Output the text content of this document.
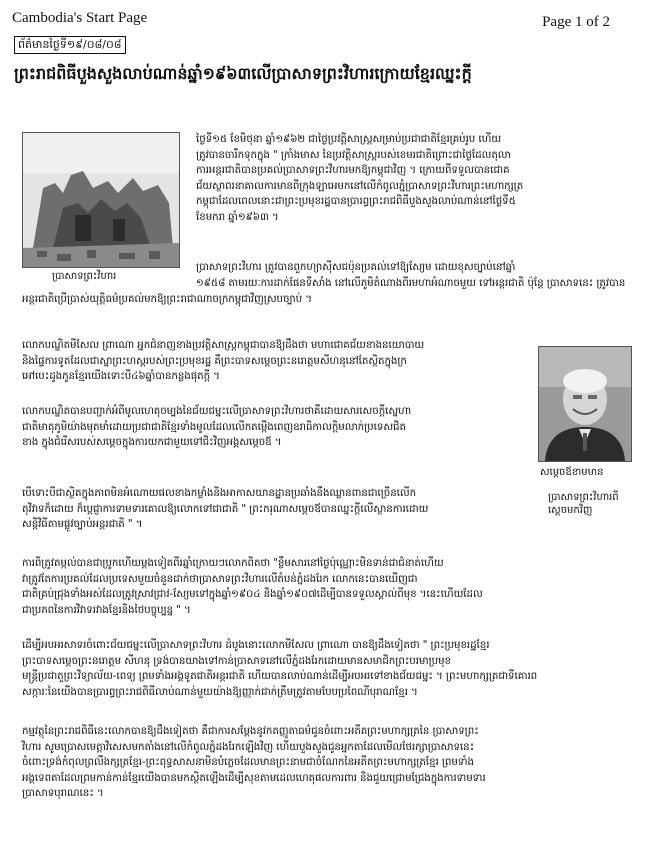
Cambodia's Start Page	Page 1 of 2
ព័ត៌មានថ្ងៃទី១៩/០៨/០៨
ព្រះរាជពិធីបួងសួងលាប់ណាន់ឆ្នាំ១៩៦៣លើប្រាសាទព្រះវិហារក្រោយខ្មែរឈ្នះក្ដី
ប្រាសាទព្រះវិហារ
សម្ដេចឪខាមមាន
ប្រាសាទព្រះវិហារពី
ស្ដេចមកវិញ
ថ្ងៃទី១៥ ខែមិថុនា ឆ្នាំ១៩៦២ ជាថ្ងៃប្រវត្តិសាស្ត្រសម្រាប់ប្រជាជាតិខ្មែរគ្រប់រូប ហើយ
ត្រូវបានចារឹកទុកក្នុង " ក្រាំងមាស នៃប្រវត្តិសាស្ត្ររបស់ខេមរជាតិព្រោះជាថ្ងៃដែលតុលា
ការអន្តរជាតិបានប្រគល់ប្រាសាទព្រះវិហារមកឱ្យកម្ពុជាវិញ ។ ក្រោយពីទទួលបានជោគ
ជ័យស្ថាពរនាគាលការមានពីក្រុងឡាអេមកនៅលើកំពូលភ្នំប្រាសាទព្រះវិហារព្រះមហាក្សត្រ
កម្ពុជាដែលពេលនោះជាព្រះប្រមុខរដ្ឋបានប្រារព្ធព្រះរាជពិធីបួងសួងលាប់ណាន់នៅថ្ងៃទី៥
ខែមករា ឆ្នាំ១៩៦៣ ។
ប្រាសាទព្រះវិហារ ត្រូវបានពួកហ្យាស៊ីសជប៉ុនប្រគល់ទៅឱ្យស្យែម ដោយខុសច្បាប់នៅឆ្នាំ
១៩៥៨ តាមរយៈការដាក់ផែនទីសាំង នៅលើភូមិតំណាងពីរមហាអំណាចមួយ ទៅអន្តរជាតិ ប៉ុន្តែ ប្រាសាទនេះ ត្រូវបាន
អន្តរជាតិប្រើប្រាស់យុត្តិធម៌ប្រគល់មកឱ្យព្រះរាជាណាចក្រកម្ពុជាវិញស្របច្បាប់ ។
លោកបណ្ឌិតមីសែល ព្រាណោ អ្នកជំនាញខាងប្រវត្តិសាស្ត្រកម្ពុជាបានឱ្យដឹងថា មហាជោគជ័យខាងនយោបាយ
និងផ្ទៃការទូតដែលជាស្នាព្រះហស្តរបស់ព្រះប្រមុខរដ្ឋ គឺព្រះបាទសម្ដេចព្រះនរោត្តមសីហនុនៅតែស្ថិតក្នុងក្រ
អៅបេះដូងកូនខ្មែរយើងទោះបី៤៦ឆ្នាំបានកន្លងផុតក្ដី ។
លោកបណ្ឌិតបានបញ្ជាក់អំពីមូលហេតុចម្បងនៃជ័យជម្នះលើប្រាសាទព្រះវិហារថាគឺដោយសារសេចក្ដីស្នេហា
ជាតិមាតុភូមិយ៉ាងមុតមាំដោយប្រជាជាតិខ្មែរទាំងមូលដែលលើកតម្កើងពេញឧរាធិកាលក្ដិមលាក់ប្រទេសជិត
ខាង ក្នុងជំរើសរបស់សម្ដេចក្នុងការយកជាមួយទៅជិះវិញអង្គសម្ដេចឪ ។
បើទោះបីជាស្ថិតក្នុងភាពមិនអំណោយផលខាងកម្លាំងនិងអាកាសយានដ្ឋានប្រឆាំងនឹងឈ្លានពានជាច្រើនលើក
តុវិវាទក៏ដោយ ក៏ប្ដេជ្ញាការទាមទារគោលឱ្យលោកទៅជាជាតិ " ព្រះករុណាសម្ដេចឪបានឈ្នះក្ដីលើស្ថានការដោយ
សន្តិវិធីតាមផ្លូវច្បាប់អន្តរជាតិ " ។
ការពិត្រូវតម្កល់បានជាប្រូកហើយម្ដងទៀតពីរឆ្នាំក្រោយៗលោកពិតថា "ខ្លឹមសារនៅថ្ងៃប៉ុណ្ណោះមិនទាន់ជាជំនាត់ហើយ
វាត្រូវតែការប្រគល់ដែលប្រទេសមួយចំនួនដាក់ថាប្រាសាទព្រះវិហារលើតំបន់ភ្នំដងរែក លោកនេះបានឃើញជា
ជាតិគ្រប់ជ្រុងទាំងអស់ដែលត្រូវស្រាវជ្រាវ-ស្យែមទៅក្នុងឆ្នាំ១៩០៤ និងឆ្នាំ១៩០៧ដើម្បីបានទទួលស្គាល់ពីមុខ ។នេះហើយដែល
ជាប្រភពនៃការវិវាទរវាងខ្មែរនិងថៃបច្ចុប្បន្ន " ។
ដើម្បីអបអរសាទរចំពោះជ័យជម្នះលើប្រាសាទព្រះវិហារ ដំបូងនោះលោកមីសែល ព្រាណោ បានឱ្យដឹងទៀតថា " ព្រះប្រមុខរដ្ឋខ្មែរ
ព្រះបាទសម្ដេចព្រះនរោត្តម សីហនុ ទ្រង់បានយាងទៅកាន់ប្រាសាទនៅលើភ្នំដងរែកដោយមានសមាជិកព្រះបរមាប្រមុខ
មន្ត្រីប្រជាតួព្រះវិទ្យាល័យ-ពេទ្យ ព្រមទាំងអង្គទូតជាតិអន្តរជាតិ ហើយបានលាប់ណាន់ដើម្បីអបអរទៅខាងជ័យជម្នះ ។ ព្រះមហាក្សត្រជាទីគោរព
សក្ការៈនៃយើងបានប្រារព្ធព្រះរាជពិធីលាប់ណាន់មួយយ៉ាងឱ្យញ្ញាក់ជាក់ត្រឹមត្រូវតាមបែបប្រពៃណីបុរាណខ្មែរ ។
កម្មវត្ថុនៃព្រះរាជពិធីនេះលោកបានឱ្យដឹងទៀតថា គឺជាការសម្ដែងនូវកតញ្ញូតាធម៌ជូនចំពោះអតីតព្រះមហាក្សត្រនៃ ប្រាសាទព្រះ
វិហារ សូមប្រោសមេត្តាវិសេសមកតាំងនៅលើកំពូលភ្នំដងរែកឡើងវិញ ហើយបួងសួងជូនអ្នកតាដែលមើលថែរក្សាប្រាសាទនេះ
ចំពោះទ្រង់កំពុលព្រលឹងក្សត្រខ្មែរ-ព្រះពុទ្ធសាសនាមិនបំភ្លេចដែលមានព្រះនាមជាចំណែកនៃអតីតព្រះមហាក្សត្រខ្មែរ ព្រមទាំង
អង្គទេពតាដែលព្រមកាន់កាន់ខ្មែរយើងបានមកស្ថិតឡើងដើម្បីសុខតាមដេលហេតុផលការពារ និងជួយជ្រោមជ្រែងក្នុងការទាមទារ
ប្រាសាទបុរាណនេះ ។
